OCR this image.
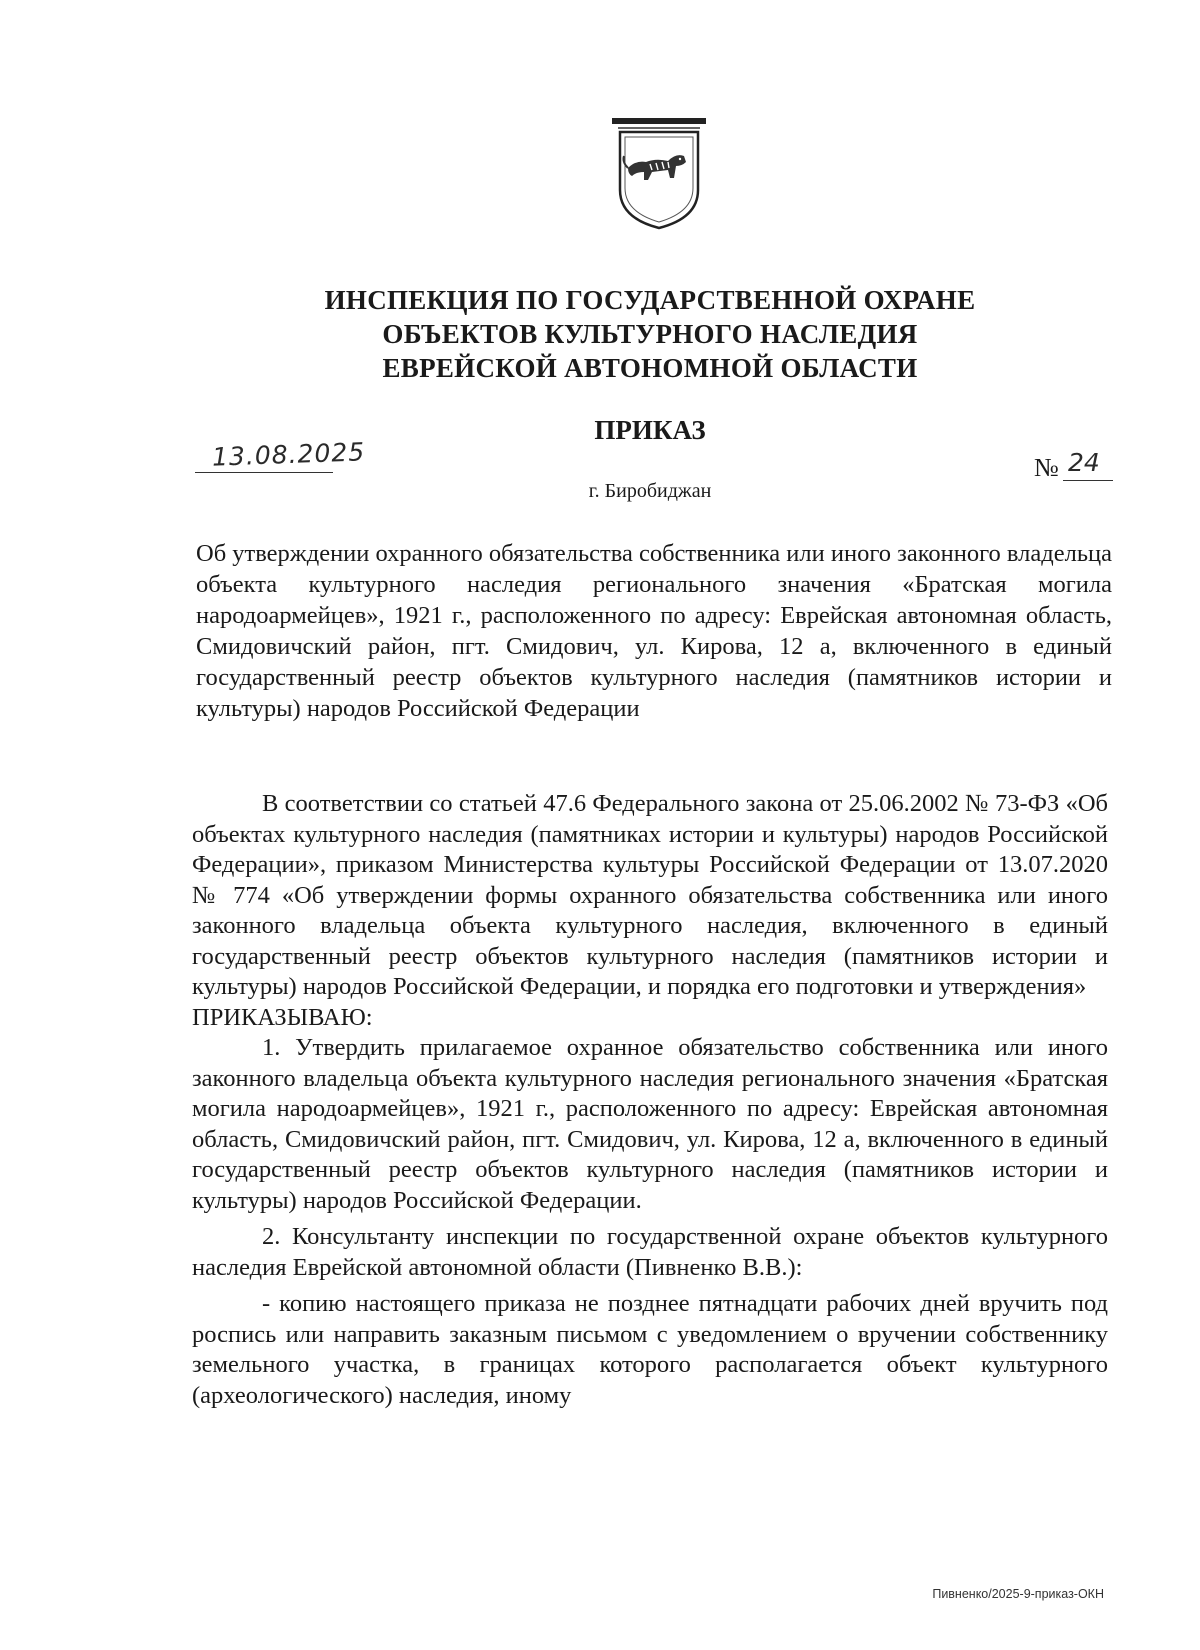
ИНСПЕКЦИЯ ПО ГОСУДАРСТВЕННОЙ ОХРАНЕ
ОБЪЕКТОВ КУЛЬТУРНОГО НАСЛЕДИЯ
ЕВРЕЙСКОЙ АВТОНОМНОЙ ОБЛАСТИ
ПРИКАЗ
13.08.2025	№ 24
г. Биробиджан
Об утверждении охранного обязательства собственника или иного законного владельца объекта культурного наследия регионального значения «Братская могила народоармейцев», 1921 г., расположенного по адресу: Еврейская автономная область, Смидовичский район, пгт. Смидович, ул. Кирова, 12 а, включенного в единый государственный реестр объектов культурного наследия (памятников истории и культуры) народов Российской Федерации

В соответствии со статьей 47.6 Федерального закона от 25.06.2002 № 73-ФЗ «Об объектах культурного наследия (памятниках истории и культуры) народов Российской Федерации», приказом Министерства культуры Российской Федерации от 13.07.2020 № 774 «Об утверждении формы охранного обязательства собственника или иного законного владельца объекта культурного наследия, включенного в единый государственный реестр объектов культурного наследия (памятников истории и культуры) народов Российской Федерации, и порядка его подготовки и утверждения»

ПРИКАЗЫВАЮ:

1. Утвердить прилагаемое охранное обязательство собственника или иного законного владельца объекта культурного наследия регионального значения «Братская могила народоармейцев», 1921 г., расположенного по адресу: Еврейская автономная область, Смидовичский район, пгт. Смидович, ул. Кирова, 12 а, включенного в единый государственный реестр объектов культурного наследия (памятников истории и культуры) народов Российской Федерации.

2. Консультанту инспекции по государственной охране объектов культурного наследия Еврейской автономной области (Пивненко В.В.):

- копию настоящего приказа не позднее пятнадцати рабочих дней вручить под роспись или направить заказным письмом с уведомлением о вручении собственнику земельного участка, в границах которого располагается объект культурного (археологического) наследия, иному

Пивненко/2025-9-приказ-ОКН
